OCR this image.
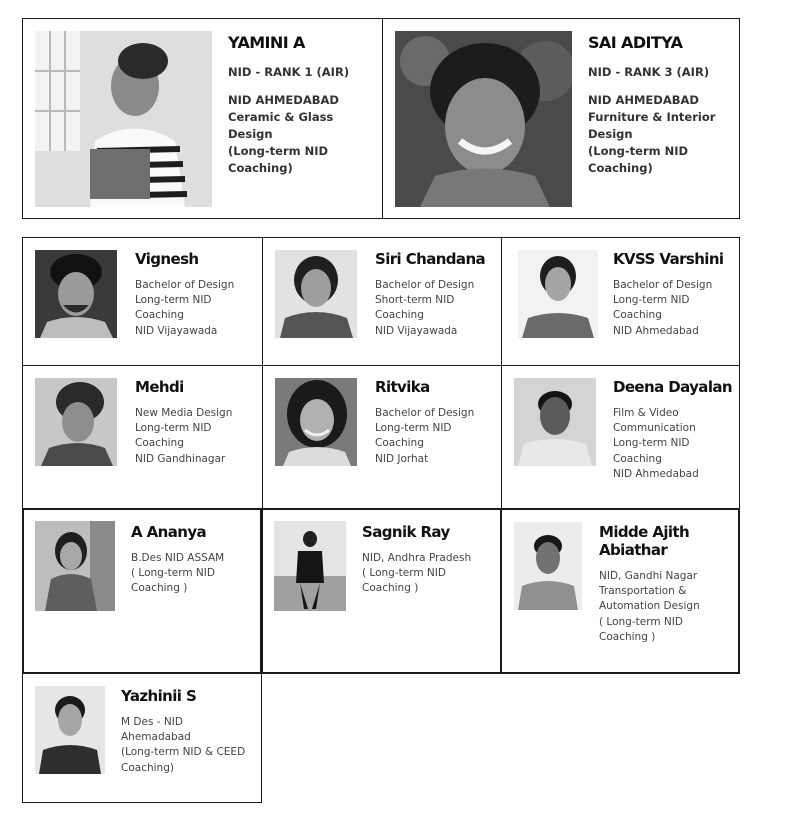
YAMINI A
NID - RANK 1 (AIR)
NID AHMEDABAD
Ceramic & Glass
Design
(Long-term NID
Coaching)
SAI ADITYA
NID - RANK 3 (AIR)
NID AHMEDABAD
Furniture & Interior
Design
(Long-term NID
Coaching)
Vignesh
Bachelor of Design
Long-term NID
Coaching
NID Vijayawada
Siri Chandana
Bachelor of Design
Short-term NID
Coaching
NID Vijayawada
KVSS Varshini
Bachelor of Design
Long-term NID
Coaching
NID Ahmedabad
Mehdi
New Media Design
Long-term NID
Coaching
NID Gandhinagar
Ritvika
Bachelor of Design
Long-term NID
Coaching
NID Jorhat
Deena Dayalan
Film & Video
Communication
Long-term NID
Coaching
NID Ahmedabad
A Ananya
B.Des NID ASSAM
( Long-term NID
Coaching )
Sagnik Ray
NID, Andhra Pradesh
( Long-term NID
Coaching )
Midde Ajith
Abiathar
NID, Gandhi Nagar
Transportation &
Automation Design
( Long-term NID
Coaching )
Yazhinii S
M Des - NID
Ahemadabad
(Long-term NID & CEED
Coaching)
